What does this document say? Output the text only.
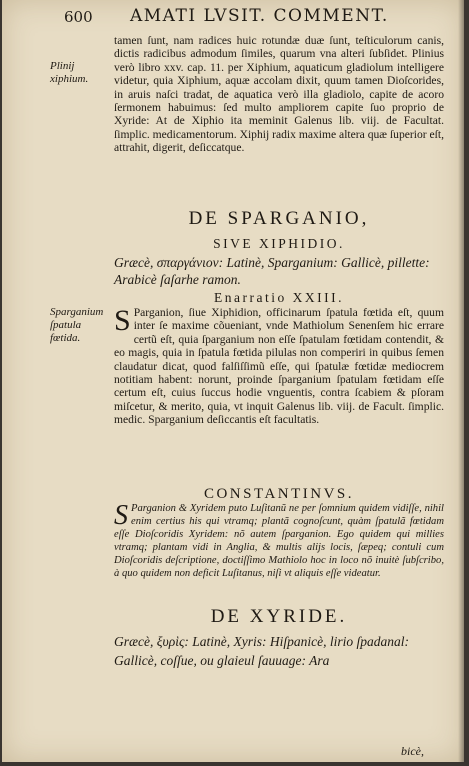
600 AMATI LVSIT. COMMENT.
Plinij xiphium.
Sparganium ſpatula fœtida.

tamen ſunt, nam radices huic rotundæ duæ ſunt, teſticulorum canis, dictis radicibus admodum ſimiles, quarum vna alteri ſubſidet. Plinius verò libro xxv. cap. 11. per Xiphium, aquaticum gladiolum intelligere videtur, quia Xiphium, aquæ accolam dixit, quum tamen Dioſcorides, in aruis naſci tradat, de aquatica verò illa gladiolo, capite de acoro ſermonem habuimus: ſed multo ampliorem capite ſuo proprio de Xyride: At de Xiphio ita meminit Galenus lib. viij. de Facultat. ſimplic. medicamentorum. Xiphij radix maxime altera quæ ſuperior eſt, attrahit, digerit, deſiccatque.

DE SPARGANIO,
SIVE XIPHIDIO.
Græcè, σπαργάνιον: Latinè, Sparganium: Gallicè, pillette: Arabicè ſaſarhe ramon.
Enarratio XXIII.
S Parganion, ſiue Xiphidion, officinarum ſpatula fœtida eſt, quum inter ſe maxime cõueniant, vnde Mathiolum Senenſem hic errare certũ eſt, quia ſparganium non eſſe ſpatulam fœtidam contendit, & eo magis, quia in ſpatula fœtida pilulas non comperiri in quibus ſemen claudatur dicat, quod falſiſſimũ eſſe, qui ſpatulæ fœtidæ mediocrem notitiam habent: norunt, proinde ſparganium ſpatulam fœtidam eſſe certum eſt, cuius ſuccus hodie vnguentis, contra ſcabiem & pſoram miſcetur, & merito, quia, vt inquit Galenus lib. viij. de Facult. ſimplic. medic. Sparganium deſiccantis eſt facultatis.
CONSTANTINVS.
S Parganion & Xyridem puto Luſitanũ ne per ſomnium quidem vidiſſe, nihil enim certius his qui vtramq; plantã cognoſcunt, quàm ſpatulã fœtidam eſſe Dioſcoridis Xyridem: nõ autem ſparganion. Ego quidem qui millies vtramq; plantam vidi in Anglia, & multis alijs locis, ſæpeq; contuli cum Dioſcoridis deſcriptione, doctiſſimo Mathiolo hoc in loco nõ inuitè ſubſcribo, à quo quidem non deficit Luſitanus, niſi vt aliquis eſſe videatur.
DE XYRIDE.
Græcè, ξυρὶς: Latinè, Xyris: Hiſpanicè, lirio ſpadanal: Gallicè, coſſue, ou glaieul ſauuage: Ara
bicè,
